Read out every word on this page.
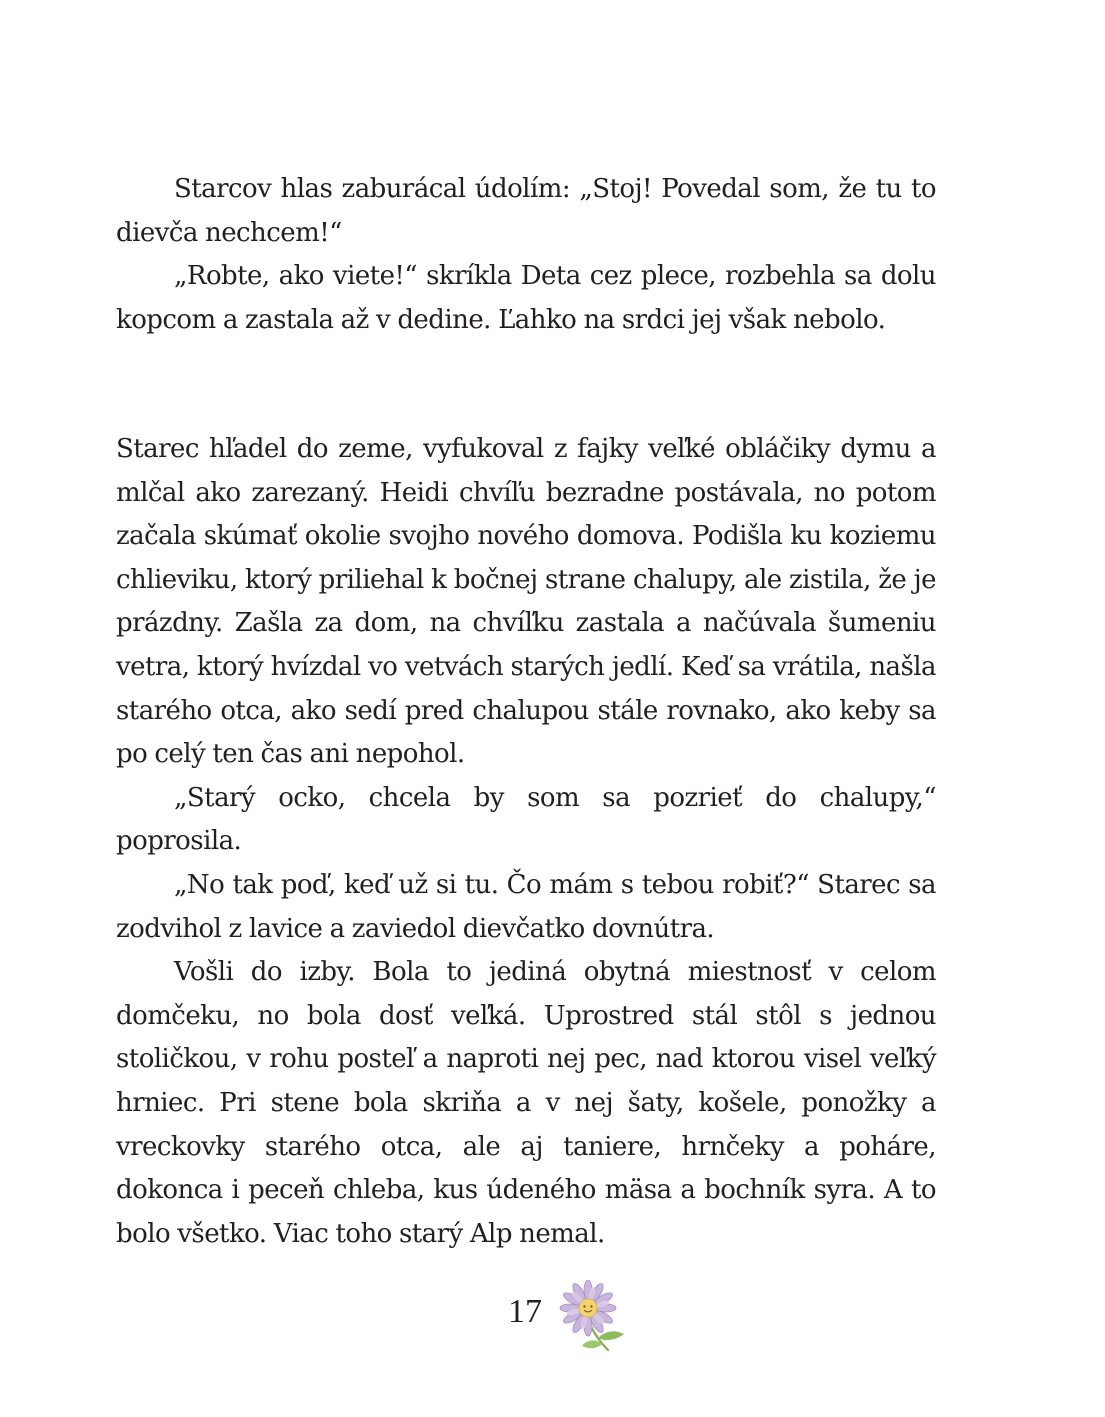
Starcov hlas zaburácal údolím: „Stoj! Povedal som, že tu to dievča nechcem!“

„Robte, ako viete!“ skríkla Deta cez plece, rozbehla sa dolu kopcom a zastala až v dedine. Ľahko na srdci jej však nebolo.

Starec hľadel do zeme, vyfukoval z fajky veľké obláčiky dymu a mlčal ako zarezaný. Heidi chvíľu bezradne postávala, no potom začala skúmať okolie svojho nového domova. Podišla ku koziemu chlieviku, ktorý priliehal k bočnej strane chalupy, ale zistila, že je prázdny. Zašla za dom, na chvíľku zastala a načúvala šumeniu vetra, ktorý hvízdal vo vetvách starých jedlí. Keď sa vrátila, našla starého otca, ako sedí pred chalupou stále rovnako, ako keby sa po celý ten čas ani nepohol.

„Starý ocko, chcela by som sa pozrieť do chalupy,“ poprosila.

„No tak poď, keď už si tu. Čo mám s tebou robiť?“ Starec sa zodvihol z lavice a zaviedol dievčatko dovnútra.

Vošli do izby. Bola to jediná obytná miestnosť v celom domčeku, no bola dosť veľká. Uprostred stál stôl s jednou stoličkou, v rohu posteľ a naproti nej pec, nad ktorou visel veľký hrniec. Pri stene bola skriňa a v nej šaty, košele, ponožky a vreckovky starého otca, ale aj taniere, hrnčeky a poháre, dokonca i peceň chleba, kus údeného mäsa a bochník syra. A to bolo všetko. Viac toho starý Alp nemal.

17
